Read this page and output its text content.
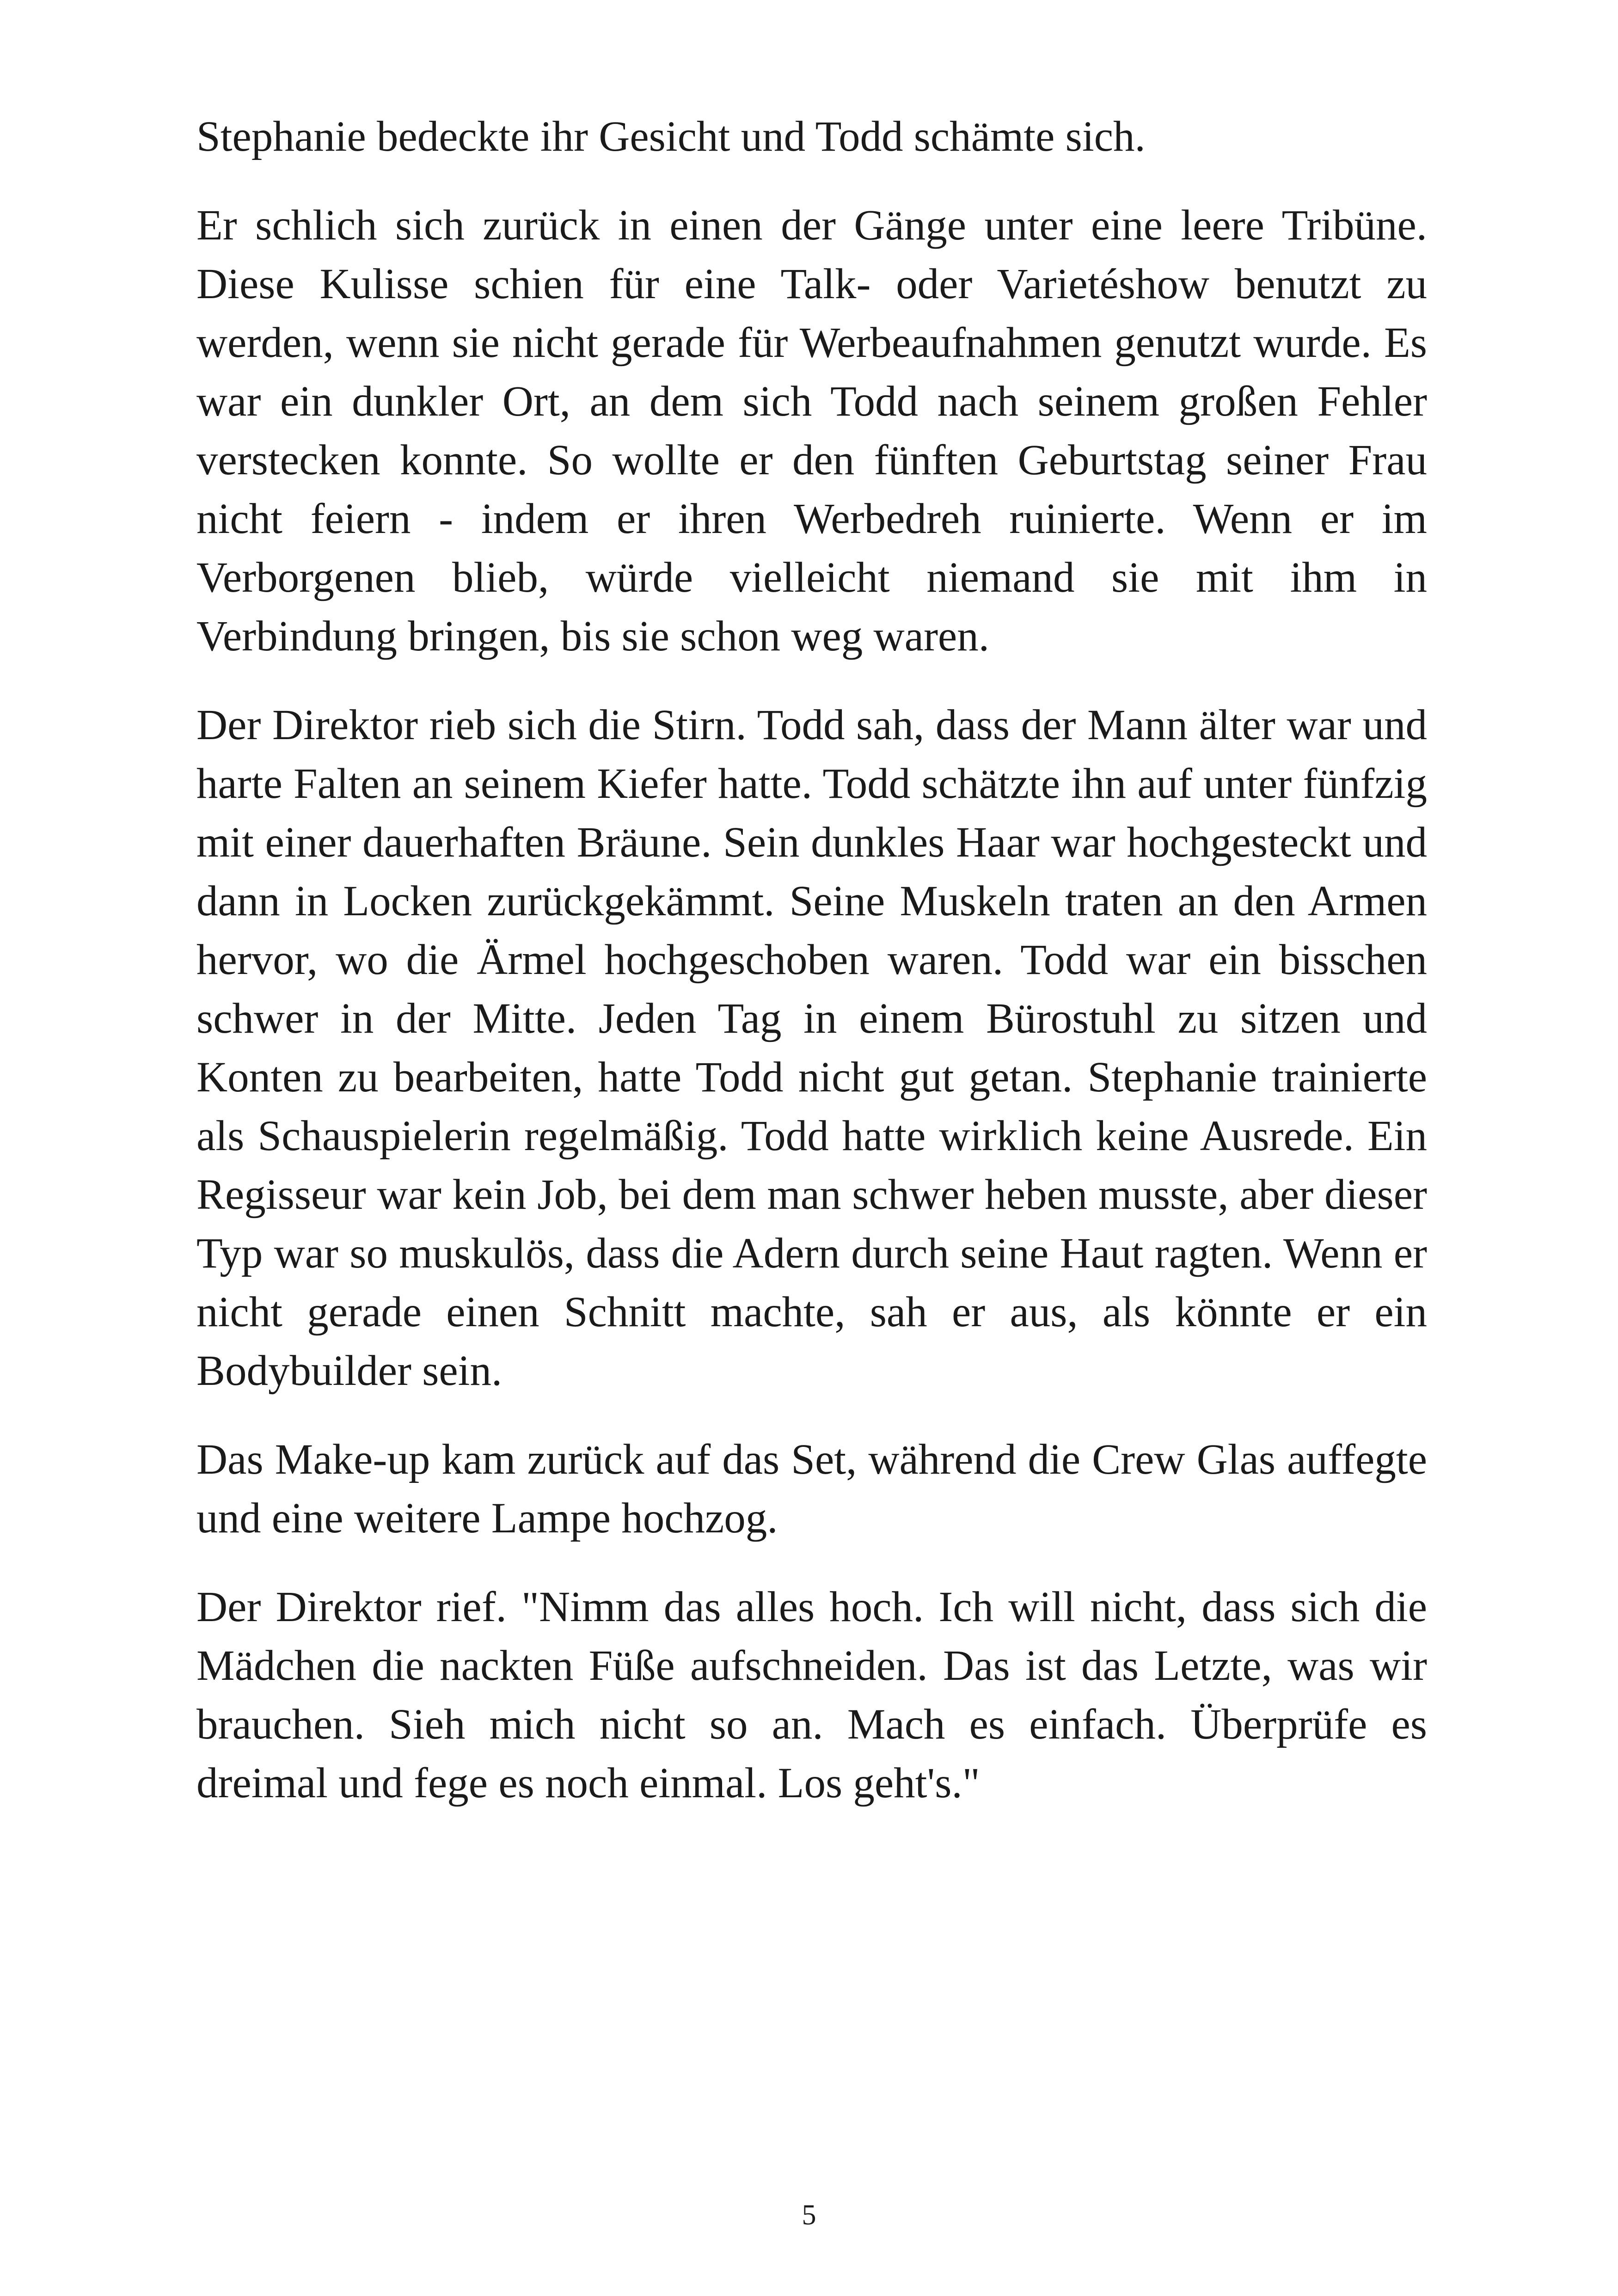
Stephanie bedeckte ihr Gesicht und Todd schämte sich.

Er schlich sich zurück in einen der Gänge unter eine leere Tribüne. Diese Kulisse schien für eine Talk- oder Varietéshow benutzt zu werden, wenn sie nicht gerade für Werbeaufnahmen genutzt wurde. Es war ein dunkler Ort, an dem sich Todd nach seinem großen Fehler verstecken konnte. So wollte er den fünften Geburtstag seiner Frau nicht feiern - indem er ihren Werbedreh ruinierte. Wenn er im Verborgenen blieb, würde vielleicht niemand sie mit ihm in Verbindung bringen, bis sie schon weg waren.

Der Direktor rieb sich die Stirn. Todd sah, dass der Mann älter war und harte Falten an seinem Kiefer hatte. Todd schätzte ihn auf unter fünfzig mit einer dauerhaften Bräune. Sein dunkles Haar war hochgesteckt und dann in Locken zurückgekämmt. Seine Muskeln traten an den Armen hervor, wo die Ärmel hochgeschoben waren. Todd war ein bisschen schwer in der Mitte. Jeden Tag in einem Bürostuhl zu sitzen und Konten zu bearbeiten, hatte Todd nicht gut getan. Stephanie trainierte als Schauspielerin regelmäßig. Todd hatte wirklich keine Ausrede. Ein Regisseur war kein Job, bei dem man schwer heben musste, aber dieser Typ war so muskulös, dass die Adern durch seine Haut ragten. Wenn er nicht gerade einen Schnitt machte, sah er aus, als könnte er ein Bodybuilder sein.

Das Make-up kam zurück auf das Set, während die Crew Glas auffegte und eine weitere Lampe hochzog.

Der Direktor rief. "Nimm das alles hoch. Ich will nicht, dass sich die Mädchen die nackten Füße aufschneiden. Das ist das Letzte, was wir brauchen. Sieh mich nicht so an. Mach es einfach. Überprüfe es dreimal und fege es noch einmal. Los geht's."

5
